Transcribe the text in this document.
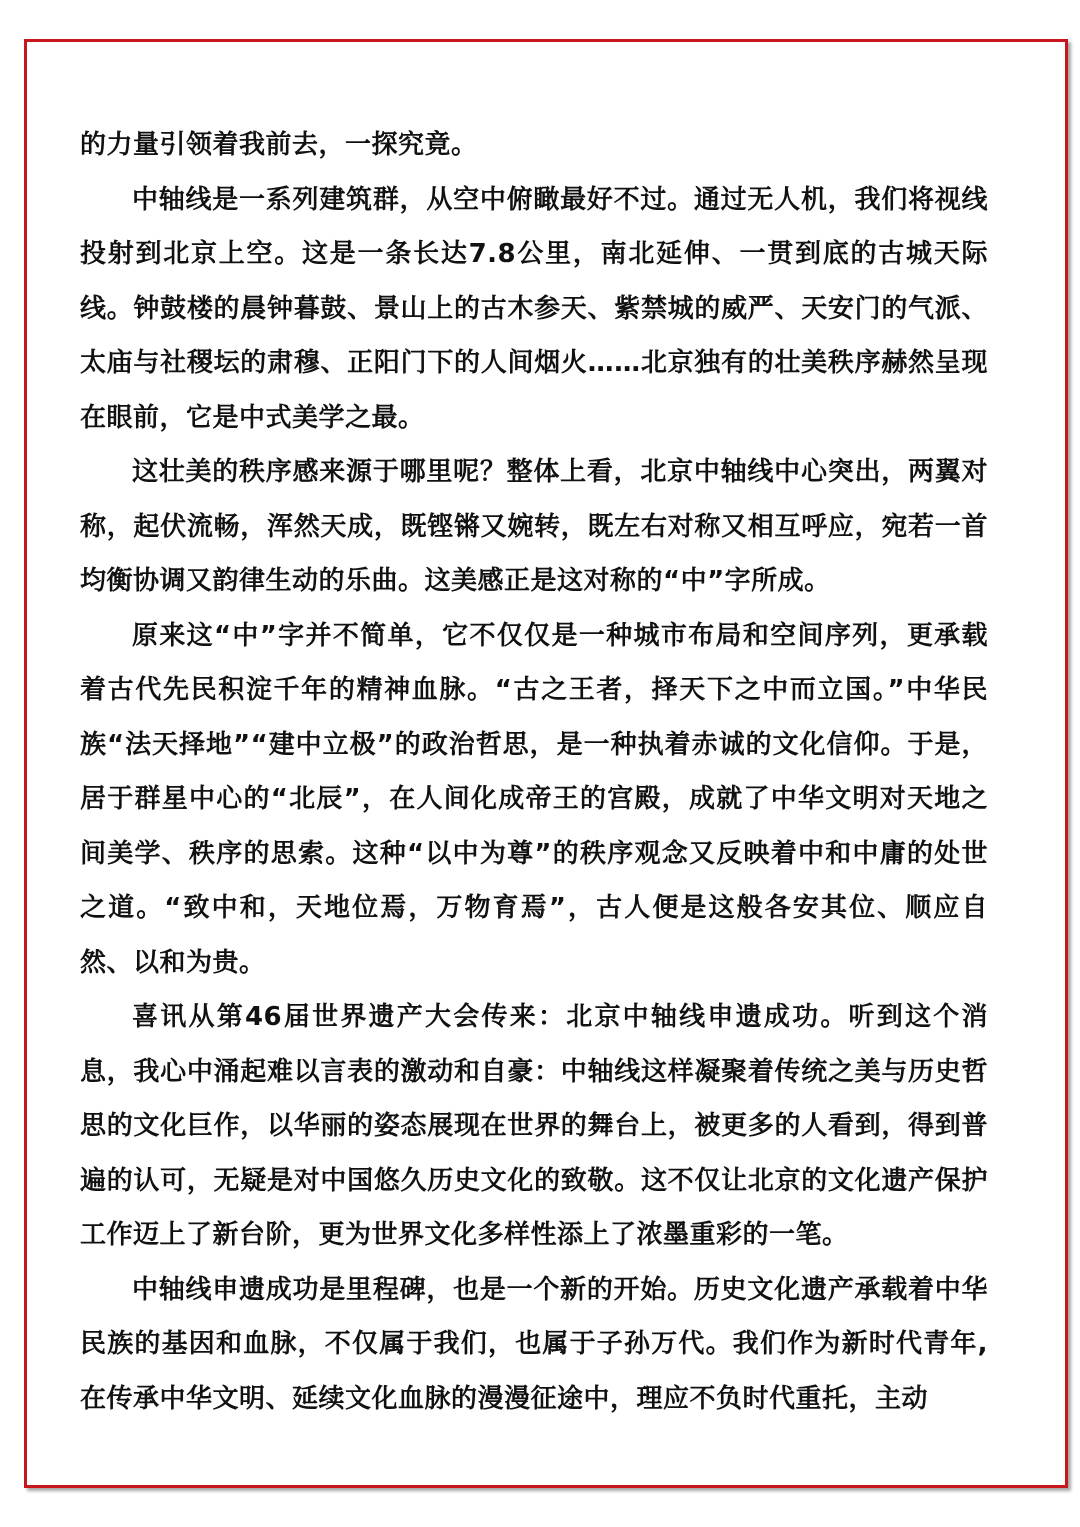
的力量引领着我前去，一探究竟。

中轴线是一系列建筑群，从空中俯瞰最好不过。通过无人机，我们将视线投射到北京上空。这是一条长达7.8公里，南北延伸、一贯到底的古城天际线。钟鼓楼的晨钟暮鼓、景山上的古木参天、紫禁城的威严、天安门的气派、太庙与社稷坛的肃穆、正阳门下的人间烟火……北京独有的壮美秩序赫然呈现在眼前，它是中式美学之最。

这壮美的秩序感来源于哪里呢？整体上看，北京中轴线中心突出，两翼对称，起伏流畅，浑然天成，既铿锵又婉转，既左右对称又相互呼应，宛若一首均衡协调又韵律生动的乐曲。这美感正是这对称的“中”字所成。

原来这“中”字并不简单，它不仅仅是一种城市布局和空间序列，更承载着古代先民积淀千年的精神血脉。“古之王者，择天下之中而立国。”中华民族“法天择地”“建中立极”的政治哲思，是一种执着赤诚的文化信仰。于是，居于群星中心的“北辰”，在人间化成帝王的宫殿，成就了中华文明对天地之间美学、秩序的思索。这种“以中为尊”的秩序观念又反映着中和中庸的处世之道。“致中和，天地位焉，万物育焉”，古人便是这般各安其位、顺应自然、以和为贵。

喜讯从第46届世界遗产大会传来：北京中轴线申遗成功。听到这个消息，我心中涌起难以言表的激动和自豪：中轴线这样凝聚着传统之美与历史哲思的文化巨作，以华丽的姿态展现在世界的舞台上，被更多的人看到，得到普遍的认可，无疑是对中国悠久历史文化的致敬。这不仅让北京的文化遗产保护工作迈上了新台阶，更为世界文化多样性添上了浓墨重彩的一笔。

中轴线申遗成功是里程碑，也是一个新的开始。历史文化遗产承载着中华民族的基因和血脉，不仅属于我们，也属于子孙万代。我们作为新时代青年,在传承中华文明、延续文化血脉的漫漫征途中，理应不负时代重托，主动
